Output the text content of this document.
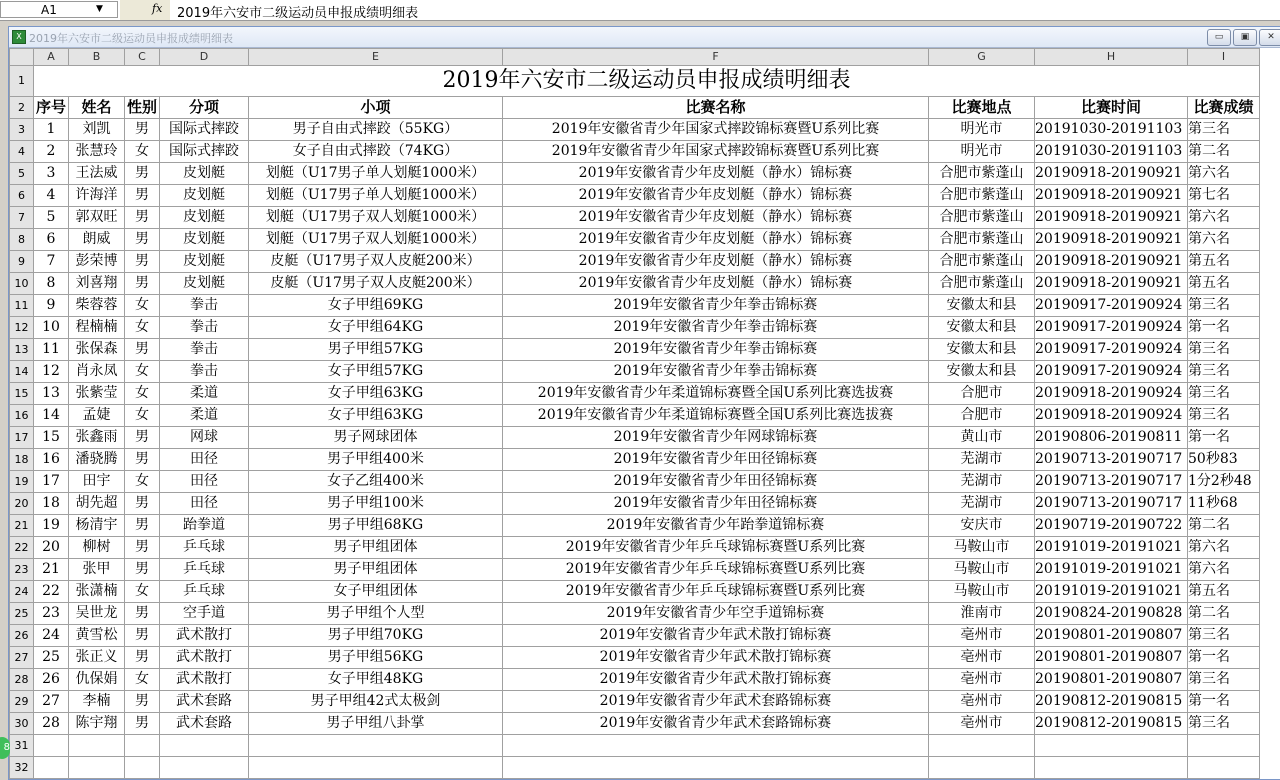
A1	▼	fx 2019年六安市二级运动员申报成绩明细表
X 2019年六安市二级运动员申报成绩明细表	▭	▣	✕
	A	B	C	D	E	F	G	H	I
1	2019年六安市二级运动员申报成绩明细表								
2	序号	姓名	性别	分项	小项	比赛名称	比赛地点	比赛时间	比赛成绩
3	1	刘凯	男	国际式摔跤	男子自由式摔跤（55KG）	2019年安徽省青少年国家式摔跤锦标赛暨U系列比赛	明光市	20191030-20191103	第三名
4	2	张慧玲	女	国际式摔跤	女子自由式摔跤（74KG）	2019年安徽省青少年国家式摔跤锦标赛暨U系列比赛	明光市	20191030-20191103	第二名
5	3	王法威	男	皮划艇	划艇（U17男子单人划艇1000米）	2019年安徽省青少年皮划艇（静水）锦标赛	合肥市紫蓬山	20190918-20190921	第六名
6	4	许海洋	男	皮划艇	划艇（U17男子单人划艇1000米）	2019年安徽省青少年皮划艇（静水）锦标赛	合肥市紫蓬山	20190918-20190921	第七名
7	5	郭双旺	男	皮划艇	划艇（U17男子双人划艇1000米）	2019年安徽省青少年皮划艇（静水）锦标赛	合肥市紫蓬山	20190918-20190921	第六名
8	6	朗威	男	皮划艇	划艇（U17男子双人划艇1000米）	2019年安徽省青少年皮划艇（静水）锦标赛	合肥市紫蓬山	20190918-20190921	第六名
9	7	彭荣博	男	皮划艇	皮艇（U17男子双人皮艇200米）	2019年安徽省青少年皮划艇（静水）锦标赛	合肥市紫蓬山	20190918-20190921	第五名
10	8	刘喜翔	男	皮划艇	皮艇（U17男子双人皮艇200米）	2019年安徽省青少年皮划艇（静水）锦标赛	合肥市紫蓬山	20190918-20190921	第五名
11	9	柴蓉蓉	女	拳击	女子甲组69KG	2019年安徽省青少年拳击锦标赛	安徽太和县	20190917-20190924	第三名
12	10	程楠楠	女	拳击	女子甲组64KG	2019年安徽省青少年拳击锦标赛	安徽太和县	20190917-20190924	第一名
13	11	张保森	男	拳击	男子甲组57KG	2019年安徽省青少年拳击锦标赛	安徽太和县	20190917-20190924	第三名
14	12	肖永凤	女	拳击	女子甲组57KG	2019年安徽省青少年拳击锦标赛	安徽太和县	20190917-20190924	第三名
15	13	张紫莹	女	柔道	女子甲组63KG	2019年安徽省青少年柔道锦标赛暨全国U系列比赛选拔赛	合肥市	20190918-20190924	第三名
16	14	孟婕	女	柔道	女子甲组63KG	2019年安徽省青少年柔道锦标赛暨全国U系列比赛选拔赛	合肥市	20190918-20190924	第三名
17	15	张鑫雨	男	网球	男子网球团体	2019年安徽省青少年网球锦标赛	黄山市	20190806-20190811	第一名
18	16	潘骁腾	男	田径	男子甲组400米	2019年安徽省青少年田径锦标赛	芜湖市	20190713-20190717	50秒83
19	17	田宇	女	田径	女子乙组400米	2019年安徽省青少年田径锦标赛	芜湖市	20190713-20190717	1分2秒48
20	18	胡先超	男	田径	男子甲组100米	2019年安徽省青少年田径锦标赛	芜湖市	20190713-20190717	11秒68
21	19	杨清宇	男	跆拳道	男子甲组68KG	2019年安徽省青少年跆拳道锦标赛	安庆市	20190719-20190722	第二名
22	20	柳树	男	乒乓球	男子甲组团体	2019年安徽省青少年乒乓球锦标赛暨U系列比赛	马鞍山市	20191019-20191021	第六名
23	21	张甲	男	乒乓球	男子甲组团体	2019年安徽省青少年乒乓球锦标赛暨U系列比赛	马鞍山市	20191019-20191021	第六名
24	22	张潇楠	女	乒乓球	女子甲组团体	2019年安徽省青少年乒乓球锦标赛暨U系列比赛	马鞍山市	20191019-20191021	第五名
25	23	吴世龙	男	空手道	男子甲组个人型	2019年安徽省青少年空手道锦标赛	淮南市	20190824-20190828	第二名
26	24	黄雪松	男	武术散打	男子甲组70KG	2019年安徽省青少年武术散打锦标赛	亳州市	20190801-20190807	第三名
27	25	张正义	男	武术散打	男子甲组56KG	2019年安徽省青少年武术散打锦标赛	亳州市	20190801-20190807	第一名
28	26	仇保娟	女	武术散打	女子甲组48KG	2019年安徽省青少年武术散打锦标赛	亳州市	20190801-20190807	第三名
29	27	李楠	男	武术套路	男子甲组42式太极剑	2019年安徽省青少年武术套路锦标赛	亳州市	20190812-20190815	第一名
30	28	陈宇翔	男	武术套路	男子甲组八卦掌	2019年安徽省青少年武术套路锦标赛	亳州市	20190812-20190815	第三名
31									
32									
8
